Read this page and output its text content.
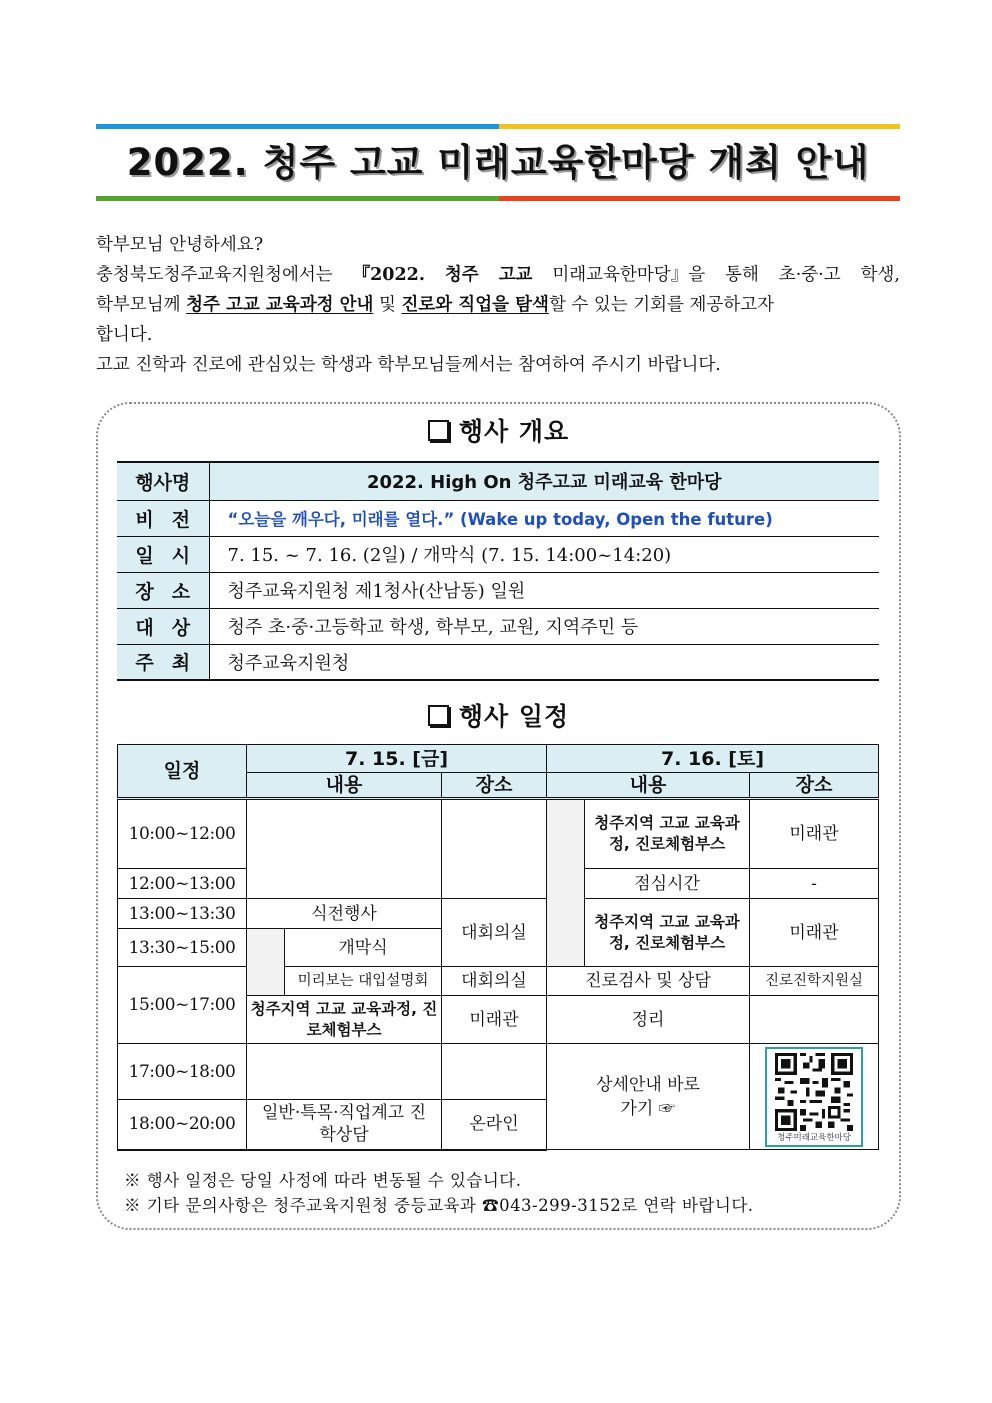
2022. 청주 고교 미래교육한마당 개최 안내

학부모님 안녕하세요?

충청북도청주교육지원청에서는 『2022. 청주 고교 미래교육한마당』을 통해 초·중·고 학생,

학부모님께 청주 고교 교육과정 안내 및 진로와 직업을 탐색할 수 있는 기회를 제공하고자

합니다.

고교 진학과 진로에 관심있는 학생과 학부모님들께서는 참여하여 주시기 바랍니다.

행사 개요
행사명	2022. High On 청주고교 미래교육 한마당
비전	“오늘을 깨우다, 미래를 열다.” (Wake up today, Open the future)
일시	7. 15. ~ 7. 16. (2일) / 개막식 (7. 15. 14:00~14:20)
장소	청주교육지원청 제1청사(산남동) 일원
대상	청주 초·중·고등학교 학생, 학부모, 교원, 지역주민 등
주최	청주교육지원청
행사 일정
일정	7. 15. [금]			7. 16. [토]		
	내용		장소	내용		장소
10:00~12:00					청주지역 고교 교육과정, 진로체험부스	미래관
12:00~13:00					점심시간	-
13:00~13:30	식전행사		대회의실		청주지역 고교 교육과정, 진로체험부스	미래관
13:30~15:00		개막식				
15:00~17:00		미리보는 대입설명회	대회의실	진로검사 및 상담		진로진학지원실
	청주지역 고교 교육과정, 진로체험부스		미래관	정리		
17:00~18:00				상세안내 바로가기 ☞		청주미래교육한마당

18:00~20:00	일반·특목·직업계고 진학상담		온라인			

※ 행사 일정은 당일 사정에 따라 변동될 수 있습니다.

※ 기타 문의사항은 청주교육지원청 중등교육과 ☎043-299-3152로 연락 바랍니다.
